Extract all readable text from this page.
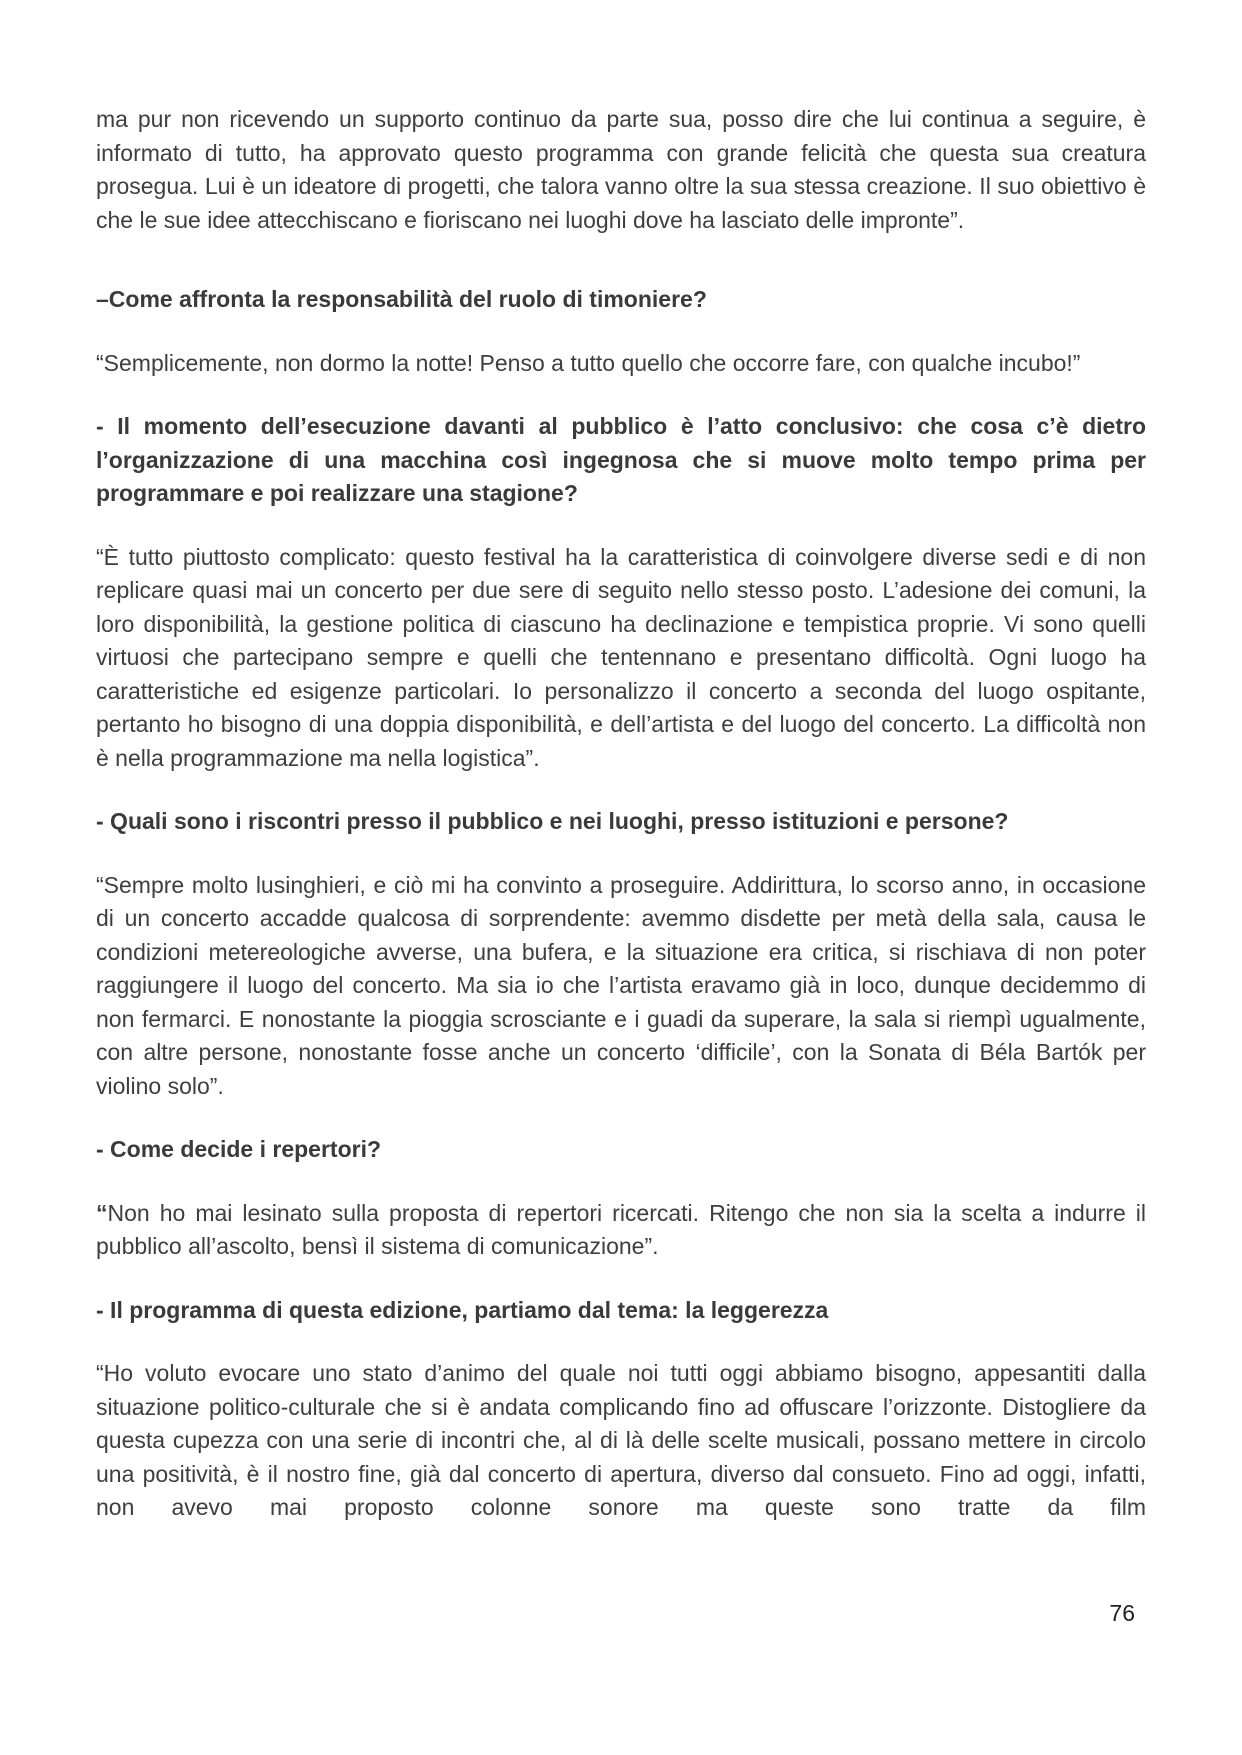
ma pur non ricevendo un supporto continuo da parte sua, posso dire che lui continua a seguire, è informato di tutto, ha approvato questo programma con grande felicità che questa sua creatura prosegua. Lui è un ideatore di progetti, che talora vanno oltre la sua stessa creazione. Il suo obiettivo è che le sue idee attecchiscano e fioriscano nei luoghi dove ha lasciato delle impronte”.

–Come affronta la responsabilità del ruolo di timoniere?

“Semplicemente, non dormo la notte! Penso a tutto quello che occorre fare, con qualche incubo!”

- Il momento dell’esecuzione davanti al pubblico è l’atto conclusivo: che cosa c’è dietro l’organizzazione di una macchina così ingegnosa che si muove molto tempo prima per programmare e poi realizzare una stagione?

“È tutto piuttosto complicato: questo festival ha la caratteristica di coinvolgere diverse sedi e di non replicare quasi mai un concerto per due sere di seguito nello stesso posto. L’adesione dei comuni, la loro disponibilità, la gestione politica di ciascuno ha declinazione e tempistica proprie. Vi sono quelli virtuosi che partecipano sempre e quelli che tentennano e presentano difficoltà. Ogni luogo ha caratteristiche ed esigenze particolari. Io personalizzo il concerto a seconda del luogo ospitante, pertanto ho bisogno di una doppia disponibilità, e dell’artista e del luogo del concerto. La difficoltà non è nella programmazione ma nella logistica”.

- Quali sono i riscontri presso il pubblico e nei luoghi, presso istituzioni e persone?

“Sempre molto lusinghieri, e ciò mi ha convinto a proseguire. Addirittura, lo scorso anno, in occasione di un concerto accadde qualcosa di sorprendente: avemmo disdette per metà della sala, causa le condizioni metereologiche avverse, una bufera, e la situazione era critica, si rischiava di non poter raggiungere il luogo del concerto. Ma sia io che l’artista eravamo già in loco, dunque decidemmo di non fermarci. E nonostante la pioggia scrosciante e i guadi da superare, la sala si riempì ugualmente, con altre persone, nonostante fosse anche un concerto ‘difficile’, con la Sonata di Béla Bartók per violino solo”.

- Come decide i repertori?

“Non ho mai lesinato sulla proposta di repertori ricercati. Ritengo che non sia la scelta a indurre il pubblico all’ascolto, bensì il sistema di comunicazione”.

- Il programma di questa edizione, partiamo dal tema: la leggerezza

“Ho voluto evocare uno stato d’animo del quale noi tutti oggi abbiamo bisogno, appesantiti dalla situazione politico-culturale che si è andata complicando fino ad offuscare l’orizzonte. Distogliere da questa cupezza con una serie di incontri che, al di là delle scelte musicali, possano mettere in circolo una positività, è il nostro fine, già dal concerto di apertura, diverso dal consueto. Fino ad oggi, infatti, non avevo mai proposto colonne sonore ma queste sono tratte da film

76
